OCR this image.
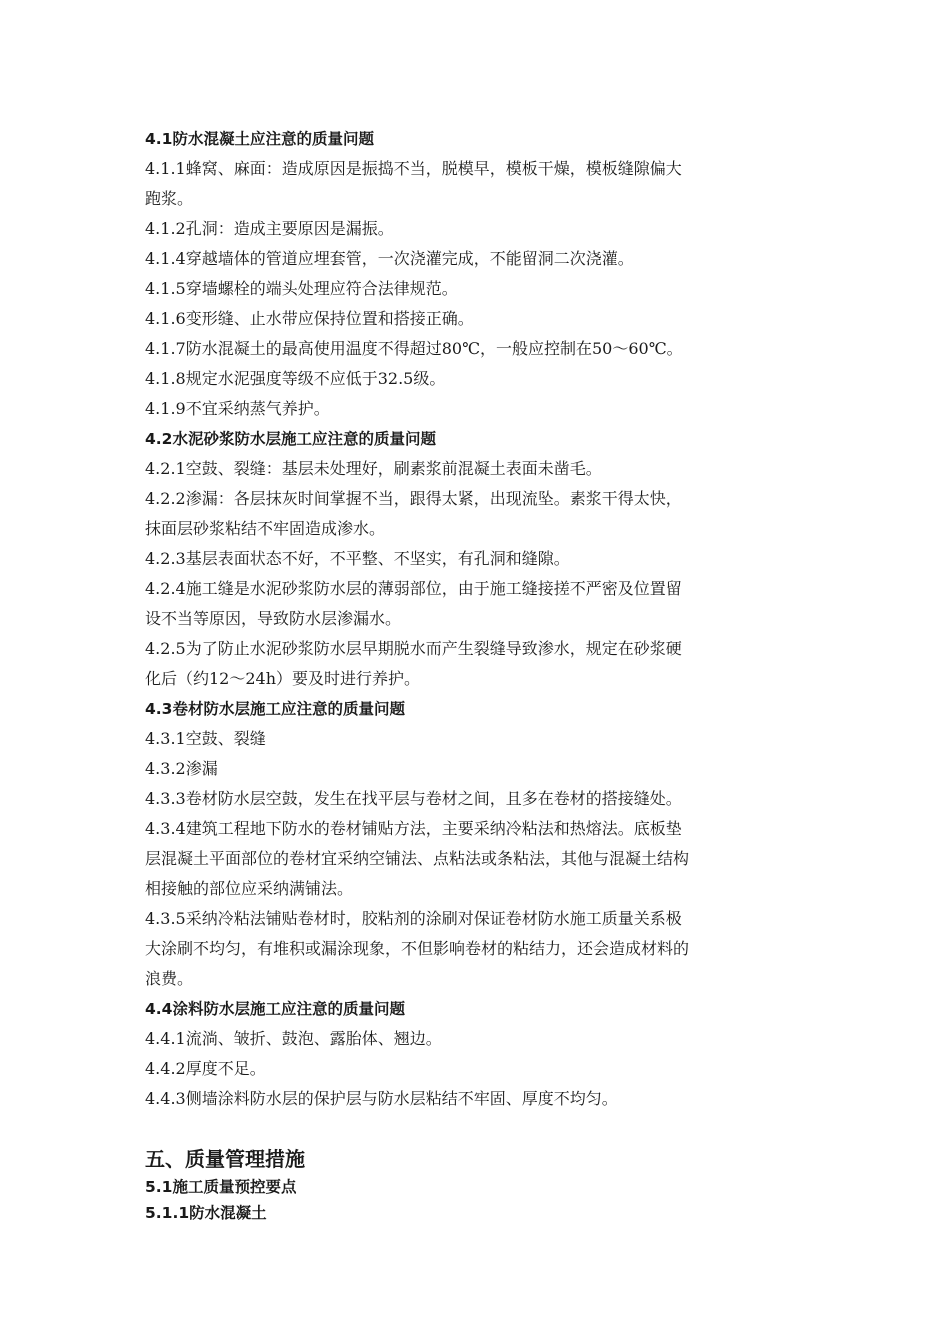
4.1防水混凝土应注意的质量问题
4.1.1蜂窝、麻面：造成原因是振捣不当，脱模早，模板干燥，模板缝隙偏大
跑浆。
4.1.2孔洞：造成主要原因是漏振。
4.1.4穿越墙体的管道应埋套管，一次浇灌完成，不能留洞二次浇灌。
4.1.5穿墙螺栓的端头处理应符合法律规范。
4.1.6变形缝、止水带应保持位置和搭接正确。
4.1.7防水混凝土的最高使用温度不得超过80℃，一般应控制在50～60℃。
4.1.8规定水泥强度等级不应低于32.5级。
4.1.9不宜采纳蒸气养护。
4.2水泥砂浆防水层施工应注意的质量问题
4.2.1空鼓、裂缝：基层未处理好，刷素浆前混凝土表面未凿毛。
4.2.2渗漏：各层抹灰时间掌握不当，跟得太紧，出现流坠。素浆干得太快，
抹面层砂浆粘结不牢固造成渗水。
4.2.3基层表面状态不好，不平整、不坚实，有孔洞和缝隙。
4.2.4施工缝是水泥砂浆防水层的薄弱部位，由于施工缝接搓不严密及位置留
设不当等原因，导致防水层渗漏水。
4.2.5为了防止水泥砂浆防水层早期脱水而产生裂缝导致渗水，规定在砂浆硬
化后（约12～24h）要及时进行养护。
4.3卷材防水层施工应注意的质量问题
4.3.1空鼓、裂缝
4.3.2渗漏
4.3.3卷材防水层空鼓，发生在找平层与卷材之间，且多在卷材的搭接缝处。
4.3.4建筑工程地下防水的卷材铺贴方法，主要采纳冷粘法和热熔法。底板垫
层混凝土平面部位的卷材宜采纳空铺法、点粘法或条粘法，其他与混凝土结构
相接触的部位应采纳满铺法。
4.3.5采纳冷粘法铺贴卷材时，胶粘剂的涂刷对保证卷材防水施工质量关系极
大涂刷不均匀，有堆积或漏涂现象，不但影响卷材的粘结力，还会造成材料的
浪费。
4.4涂料防水层施工应注意的质量问题
4.4.1流淌、皱折、鼓泡、露胎体、翘边。
4.4.2厚度不足。
4.4.3侧墙涂料防水层的保护层与防水层粘结不牢固、厚度不均匀。
五、质量管理措施
5.1施工质量预控要点
5.1.1防水混凝土
